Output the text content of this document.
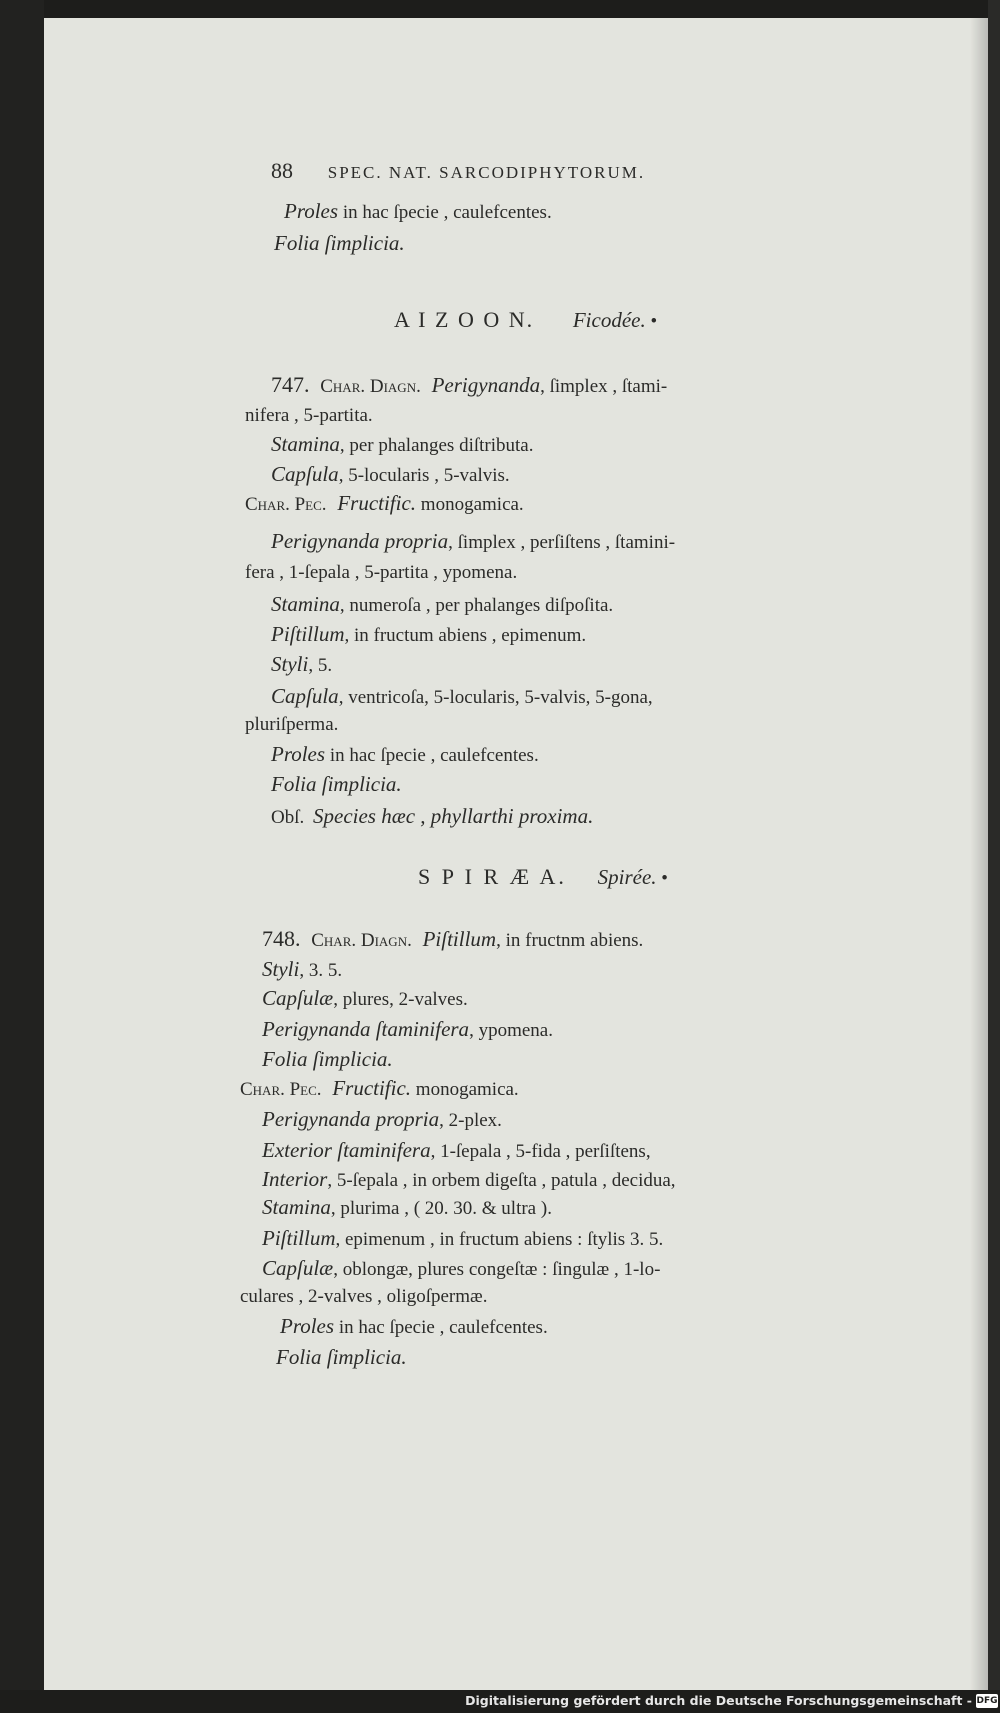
88 SPEC. NAT. SARCODIPHYTORUM.
Proles in hac ſpecie , caulefcentes.
Folia ſimplicia.
A I Z O O N. Ficodée. •
747. Char. Diagn. Perigynanda, ſimplex , ſtami-
nifera , 5-partita.
Stamina, per phalanges diſtributa.
Capſula, 5-locularis , 5-valvis.
Char. Pec. Fructific. monogamica.
Perigynanda propria, ſimplex , perſiſtens , ſtamini-
fera , 1-ſepala , 5-partita , ypomena.
Stamina, numeroſa , per phalanges diſpoſita.
Piſtillum, in fructum abiens , epimenum.
Styli, 5.
Capſula, ventricoſa, 5-locularis, 5-valvis, 5-gona,
pluriſperma.
Proles in hac ſpecie , caulefcentes.
Folia ſimplicia.
Obſ. Species hæc , phyllarthi proxima.
S P I R Æ A. Spirée. •
748. Char. Diagn. Piſtillum, in fructnm abiens.
Styli, 3. 5.
Capſulæ, plures, 2-valves.
Perigynanda ſtaminifera, ypomena.
Folia ſimplicia.
Char. Pec. Fructific. monogamica.
Perigynanda propria, 2-plex.
Exterior ſtaminifera, 1-ſepala , 5-fida , perſiſtens,
Interior, 5-ſepala , in orbem digeſta , patula , decidua,
Stamina, plurima , ( 20. 30. & ultra ).
Piſtillum, epimenum , in fructum abiens : ſtylis 3. 5.
Capſulæ, oblongæ, plures congeſtæ : ſingulæ , 1-lo-
culares , 2-valves , oligoſpermæ.
Proles in hac ſpecie , caulefcentes.
Folia ſimplicia.
Digitalisierung gefördert durch die Deutsche Forschungsgemeinschaft - DFG
